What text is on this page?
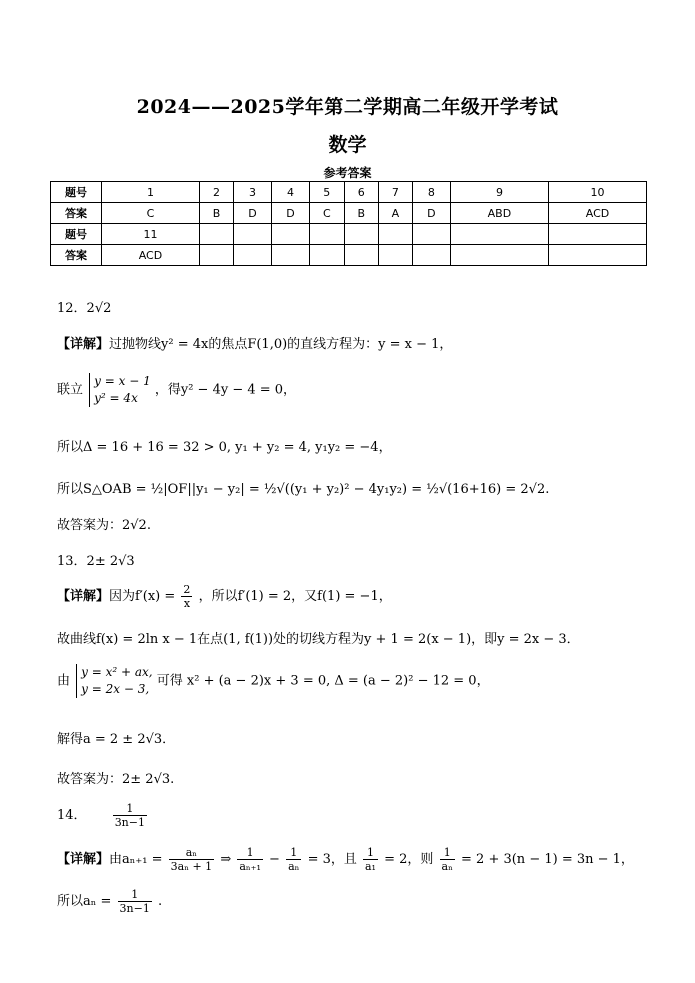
2024——2025学年第二学期高二年级开学考试
数学
参考答案
题号	1	2	3	4	5	6	7	8	9	10
答案	C	B	D	D	C	B	A	D	ABD	ACD
题号	11									
答案	ACD									
12．2√2
【详解】过抛物线y² = 4x的焦点F(1,0)的直线方程为：y = x − 1，
联立
y = x − 1
y² = 4x
，得y² − 4y − 4 = 0，
所以Δ = 16 + 16 = 32 > 0, y₁ + y₂ = 4, y₁y₂ = −4，
所以S△OAB = ½|OF||y₁ − y₂| = ½√((y₁ + y₂)² − 4y₁y₂) = ½√(16+16) = 2√2.
故答案为：2√2.
13．2± 2√3
【详解】因为$f'(x) = \frac{2}{x}$ ，所以f′(1) = 2，又f(1) = −1，
故曲线f(x) = 2ln x − 1在点(1, f(1))处的切线方程为y + 1 = 2(x − 1)，即y = 2x − 3．
由
y = x² + ax,
y = 2x − 3,
可得 x² + (a − 2)x + 3 = 0, Δ = (a − 2)² − 12 = 0，
解得a = 2 ± 2√3．
故答案为：2± 2√3.
14． $\frac{1}{3n-1}$
【详解】由$a_{n+1} = \frac{\text{aₙ}}{\text{3aₙ + 1}}$ ⇒ $\frac{1}{\text{aₙ₊₁}} - \frac{1}{\text{aₙ}} = 3$，且 $\frac{1}{\text{a₁}} = 2$，则 $\frac{1}{\text{aₙ}} = 2 + 3(n - 1) = 3n - 1$，
所以$a_n = \frac{1}{3n-1}$ .
